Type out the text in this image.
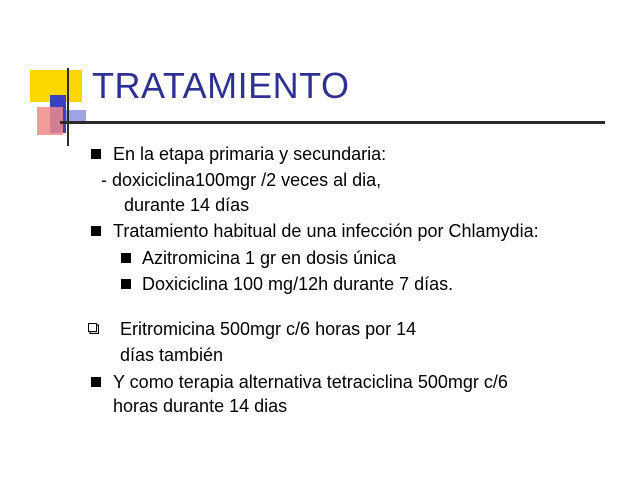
TRATAMIENTO
En la etapa primaria y secundaria:
- doxiciclina100mgr /2 veces al dia,
durante 14 días
Tratamiento habitual de una infección por Chlamydia:
Azitromicina 1 gr en dosis única
Doxiciclina 100 mg/12h durante 7 días.
Eritromicina 500mgr c/6 horas por 14
días también
Y como terapia alternativa tetraciclina 500mgr c/6
horas durante 14 dias
